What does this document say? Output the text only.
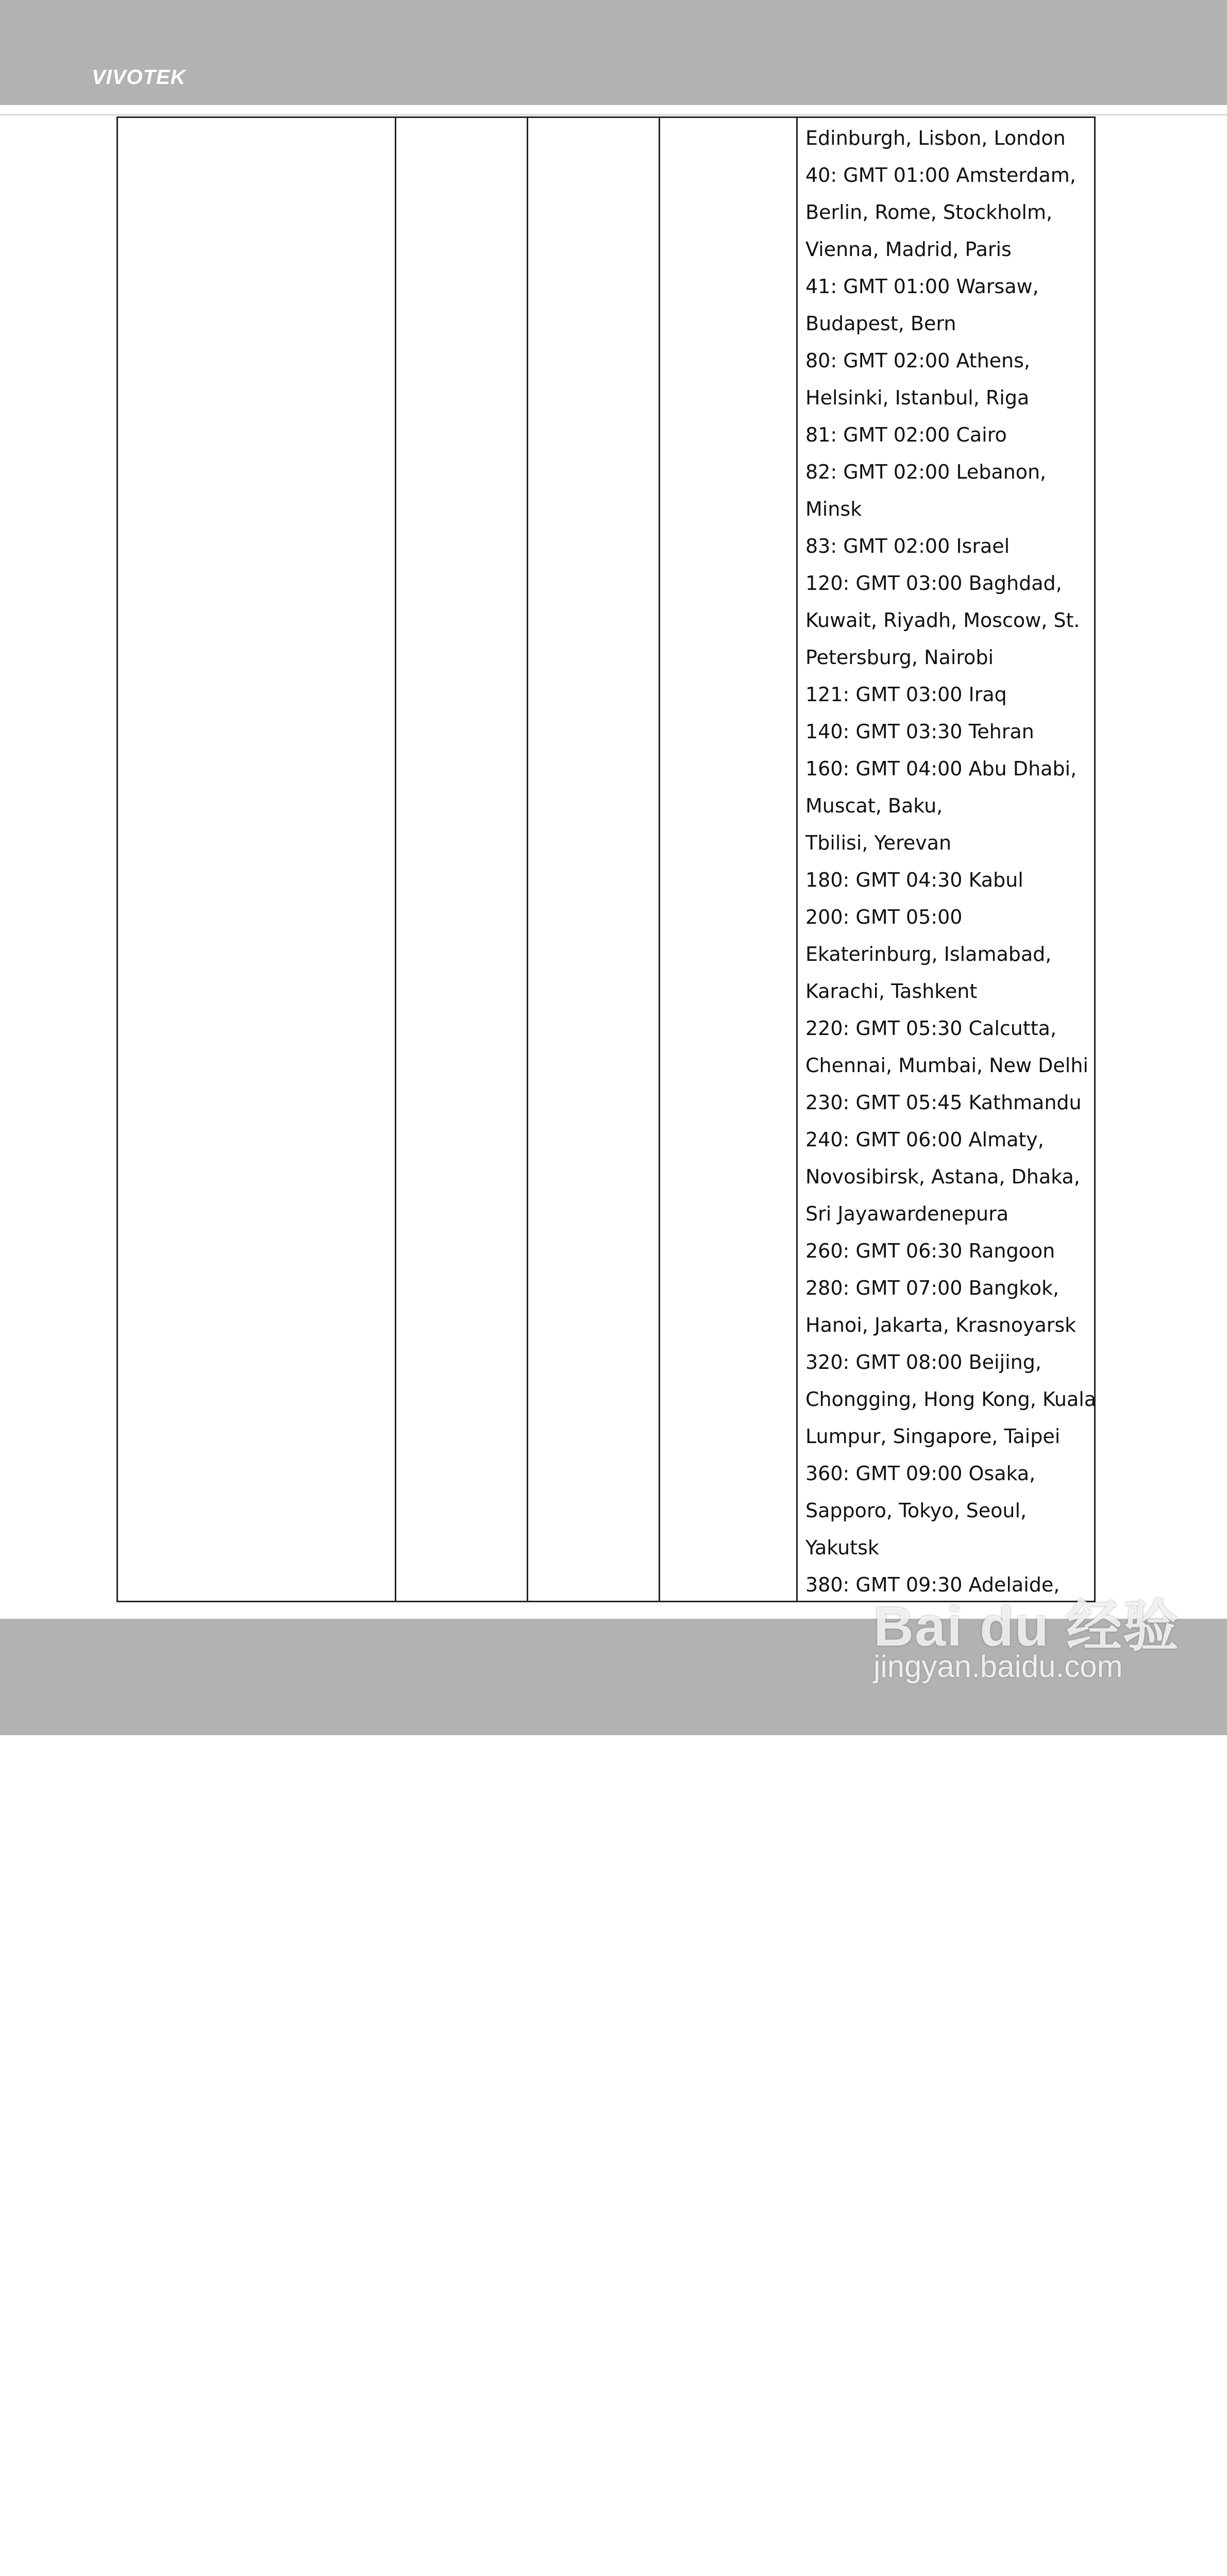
VIVOTEK
Edinburgh, Lisbon, London
40: GMT 01:00 Amsterdam,
Berlin, Rome, Stockholm,
Vienna, Madrid, Paris
41: GMT 01:00 Warsaw,
Budapest, Bern
80: GMT 02:00 Athens,
Helsinki, Istanbul, Riga
81: GMT 02:00 Cairo
82: GMT 02:00 Lebanon,
Minsk
83: GMT 02:00 Israel
120: GMT 03:00 Baghdad,
Kuwait, Riyadh, Moscow, St.
Petersburg, Nairobi
121: GMT 03:00 Iraq
140: GMT 03:30 Tehran
160: GMT 04:00 Abu Dhabi,
Muscat, Baku,
Tbilisi, Yerevan
180: GMT 04:30 Kabul
200: GMT 05:00
Ekaterinburg, Islamabad,
Karachi, Tashkent
220: GMT 05:30 Calcutta,
Chennai, Mumbai, New Delhi
230: GMT 05:45 Kathmandu
240: GMT 06:00 Almaty,
Novosibirsk, Astana, Dhaka,
Sri Jayawardenepura
260: GMT 06:30 Rangoon
280: GMT 07:00 Bangkok,
Hanoi, Jakarta, Krasnoyarsk
320: GMT 08:00 Beijing,
Chongging, Hong Kong, Kuala
Lumpur, Singapore, Taipei
360: GMT 09:00 Osaka,
Sapporo, Tokyo, Seoul,
Yakutsk
380: GMT 09:30 Adelaide,
Bai du 经验
jingyan.baidu.com
